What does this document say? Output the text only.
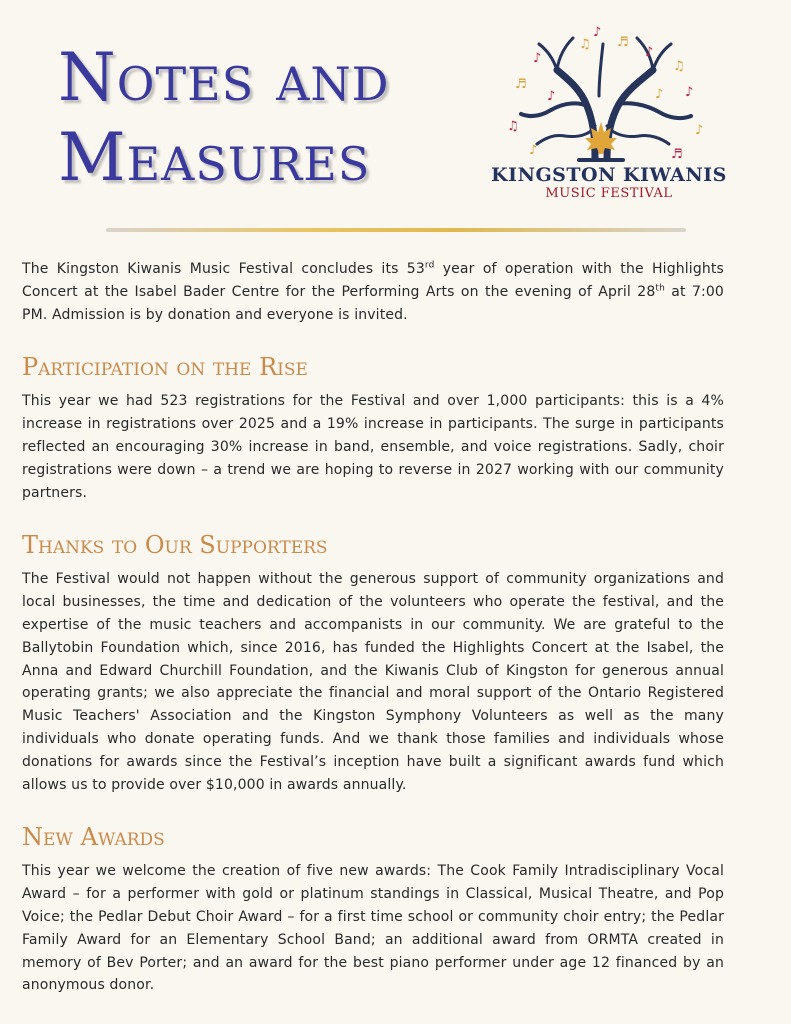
Notes and
Measures
♪
♫
♪
♬
♪
♫
♬
♪
♫	♪
♪	♪
♪	♬
KINGSTON KIWANIS
MUSIC FESTIVAL

The Kingston Kiwanis Music Festival concludes its 53rd year of operation with the Highlights Concert at the Isabel Bader Centre for the Performing Arts on the evening of April 28th at 7:00 PM. Admission is by donation and everyone is invited.

Participation on the Rise

This year we had 523 registrations for the Festival and over 1,000 participants: this is a 4% increase in registrations over 2025 and a 19% increase in participants. The surge in participants reflected an encouraging 30% increase in band, ensemble, and voice registrations. Sadly, choir registrations were down – a trend we are hoping to reverse in 2027 working with our community partners.

Thanks to Our Supporters

The Festival would not happen without the generous support of community organizations and local businesses, the time and dedication of the volunteers who operate the festival, and the expertise of the music teachers and accompanists in our community. We are grateful to the Ballytobin Foundation which, since 2016, has funded the Highlights Concert at the Isabel, the Anna and Edward Churchill Foundation, and the Kiwanis Club of Kingston for generous annual operating grants; we also appreciate the financial and moral support of the Ontario Registered Music Teachers' Association and the Kingston Symphony Volunteers as well as the many individuals who donate operating funds. And we thank those families and individuals whose donations for awards since the Festival’s inception have built a significant awards fund which allows us to provide over $10,000 in awards annually.

New Awards

This year we welcome the creation of five new awards: The Cook Family Intradisciplinary Vocal Award – for a performer with gold or platinum standings in Classical, Musical Theatre, and Pop Voice; the Pedlar Debut Choir Award – for a first time school or community choir entry; the Pedlar Family Award for an Elementary School Band; an additional award from ORMTA created in memory of Bev Porter; and an award for the best piano performer under age 12 financed by an anonymous donor.
